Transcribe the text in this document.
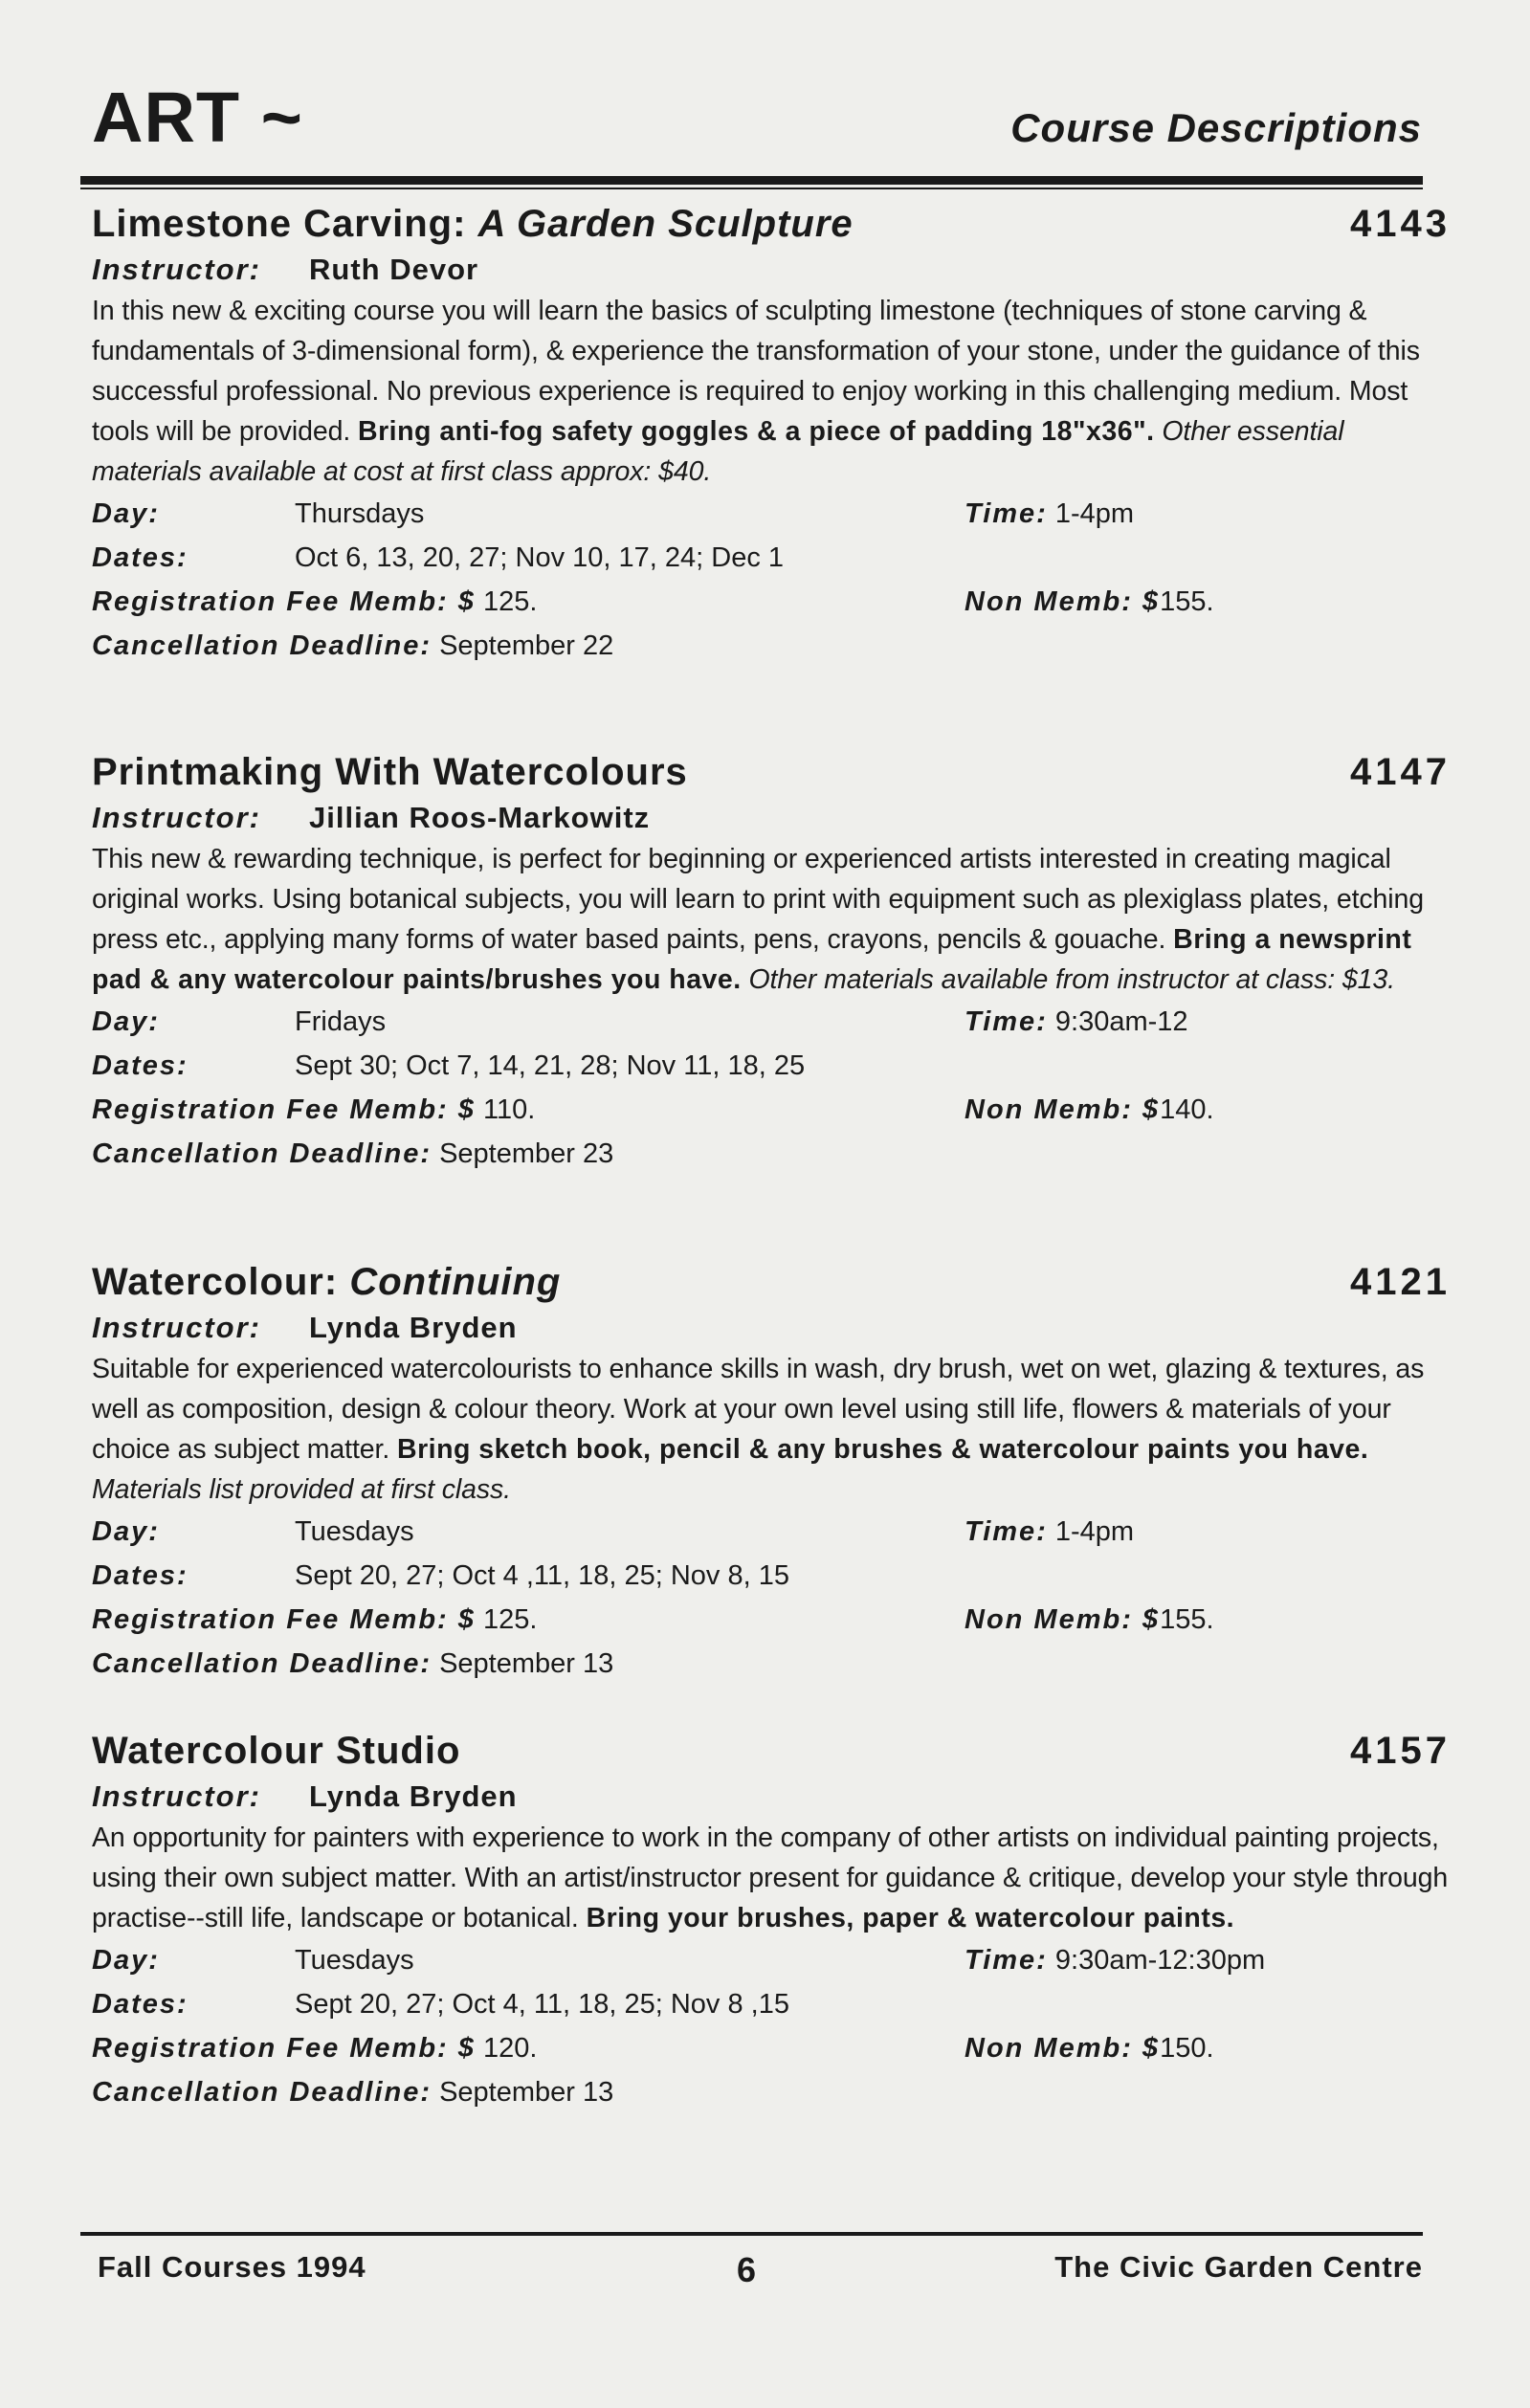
ART ~	Course Descriptions
Limestone Carving: A Garden Sculpture	4143
Instructor: Ruth Devor
In this new & exciting course you will learn the basics of sculpting limestone (techniques of stone carving & fundamentals of 3-dimensional form), & experience the transformation of your stone, under the guidance of this successful professional. No previous experience is required to enjoy working in this challenging medium. Most tools will be provided. Bring anti-fog safety goggles & a piece of padding 18"x36". Other essential materials available at cost at first class approx: $40.
Day:	Thursdays	Time: 1-4pm
Dates:	Oct 6, 13, 20, 27; Nov 10, 17, 24; Dec 1
Registration Fee Memb: $ 125.	Non Memb: $155.
Cancellation Deadline: September 22
Printmaking With Watercolours	4147
Instructor: Jillian Roos-Markowitz
This new & rewarding technique, is perfect for beginning or experienced artists interested in creating magical original works. Using botanical subjects, you will learn to print with equipment such as plexiglass plates, etching press etc., applying many forms of water based paints, pens, crayons, pencils & gouache. Bring a newsprint pad & any watercolour paints/brushes you have. Other materials available from instructor at class: $13.
Day:	Fridays	Time: 9:30am-12
Dates:	Sept 30; Oct 7, 14, 21, 28; Nov 11, 18, 25
Registration Fee Memb: $ 110.	Non Memb: $140.
Cancellation Deadline: September 23
Watercolour: Continuing	4121
Instructor: Lynda Bryden
Suitable for experienced watercolourists to enhance skills in wash, dry brush, wet on wet, glazing & textures, as well as composition, design & colour theory. Work at your own level using still life, flowers & materials of your choice as subject matter. Bring sketch book, pencil & any brushes & watercolour paints you have. Materials list provided at first class.
Day:	Tuesdays	Time: 1-4pm
Dates:	Sept 20, 27; Oct 4 ,11, 18, 25; Nov 8, 15
Registration Fee Memb: $ 125.	Non Memb: $155.
Cancellation Deadline: September 13
Watercolour Studio	4157
Instructor: Lynda Bryden
An opportunity for painters with experience to work in the company of other artists on individual painting projects, using their own subject matter. With an artist/instructor present for guidance & critique, develop your style through practise--still life, landscape or botanical. Bring your brushes, paper & watercolour paints.
Day:	Tuesdays	Time: 9:30am-12:30pm
Dates:	Sept 20, 27; Oct 4, 11, 18, 25; Nov 8 ,15
Registration Fee Memb: $ 120.	Non Memb: $150.
Cancellation Deadline: September 13
Fall Courses 1994	6	The Civic Garden Centre
